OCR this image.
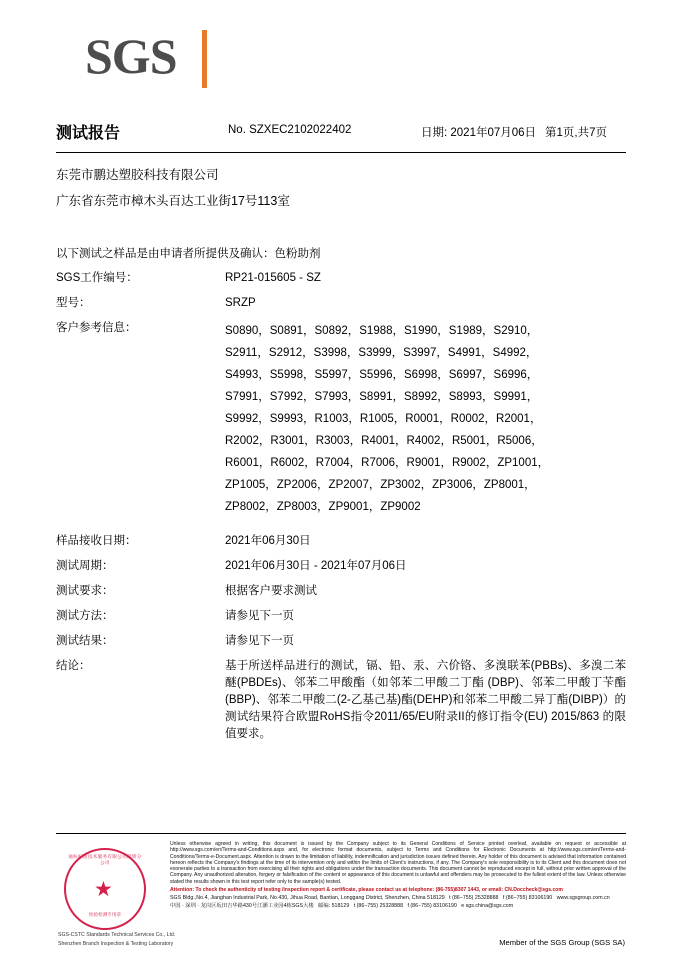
SGS
测试报告	No. SZXEC2102022402	日期: 2021年07月06日 第1页,共7页
东莞市鹏达塑胶科技有限公司
广东省东莞市樟木头百达工业街17号113室
以下测试之样品是由申请者所提供及确认：色粉助剂
SGS工作编号：	RP21-015605 - SZ
型号：	SRZP
客户参考信息：	S0890，S0891，S0892，S1988，S1990，S1989，S2910，
S2911，S2912，S3998，S3999，S3997，S4991，S4992，
S4993，S5998，S5997，S5996，S6998，S6997，S6996，
S7991，S7992，S7993，S8991，S8992，S8993，S9991，
S9992，S9993，R1003，R1005，R0001，R0002，R2001，
R2002，R3001，R3003，R4001，R4002，R5001，R5006，
R6001，R6002，R7004，R7006，R9001，R9002，ZP1001，
ZP1005，ZP2006，ZP2007，ZP3002，ZP3006，ZP8001，
ZP8002，ZP8003，ZP9001，ZP9002
样品接收日期：	2021年06月30日
测试周期：	2021年06月30日 - 2021年07月06日
测试要求：	根据客户要求测试
测试方法：	请参见下一页
测试结果：	请参见下一页
结论：	基于所送样品进行的测试，镉、铅、汞、六价铬、多溴联苯(PBBs)、多溴二苯醚(PBDEs)、邻苯二甲酸酯（如邻苯二甲酸二丁酯 (DBP)、邻苯二甲酸丁苄酯(BBP)、邻苯二甲酸二(2-乙基己基)酯(DEHP)和邻苯二甲酸二异丁酯(DIBP)）的测试结果符合欧盟RoHS指令2011/65/EU附录II的修订指令(EU) 2015/863 的限值要求。
通标标准技术服务有限公司深圳分公司
★
检验检测专用章
SGS-CSTC Standards Technical Services Co., Ltd.
Shenzhen Branch Inspection & Testing Laboratory
Unless otherwise agreed in writing, this document is issued by the Company subject to its General Conditions of Service printed overleaf, available on request or accessible at http://www.sgs.com/en/Terms-and-Conditions.aspx and, for electronic format documents, subject to Terms and Conditions for Electronic Documents at http://www.sgs.com/en/Terms-and-Conditions/Terms-e-Document.aspx. Attention is drawn to the limitation of liability, indemnification and jurisdiction issues defined therein. Any holder of this document is advised that information contained hereon reflects the Company's findings at the time of its intervention only and within the limits of Client's instructions, if any. The Company's sole responsibility is to its Client and this document does not exonerate parties to a transaction from exercising all their rights and obligations under the transaction documents. This document cannot be reproduced except in full, without prior written approval of the Company. Any unauthorized alteration, forgery or falsification of the content or appearance of this document is unlawful and offenders may be prosecuted to the fullest extent of the law. Unless otherwise stated the results shown in this test report refer only to the sample(s) tested.
Attention: To check the authenticity of testing /inspection report & certificate, please contact us at telephone: (86-755)8307 1443, or email: CN.Doccheck@sgs.com
SGS Bldg.,No.4, Jianghan Industrial Park, No.430, Jihua Road, Bantian, Longgang District, Shenzhen, China 518129 t (86−755) 25328888 f (86−755) 83106190 www.sgsgroup.com.cn
中国 · 深圳 · 龙岗区坂田吉华路430号江灏工业园4栋SGS大楼 邮编: 518129 t (86−755) 25328888 f (86−755) 83106190 e sgs.china@sgs.com
Member of the SGS Group (SGS SA)
